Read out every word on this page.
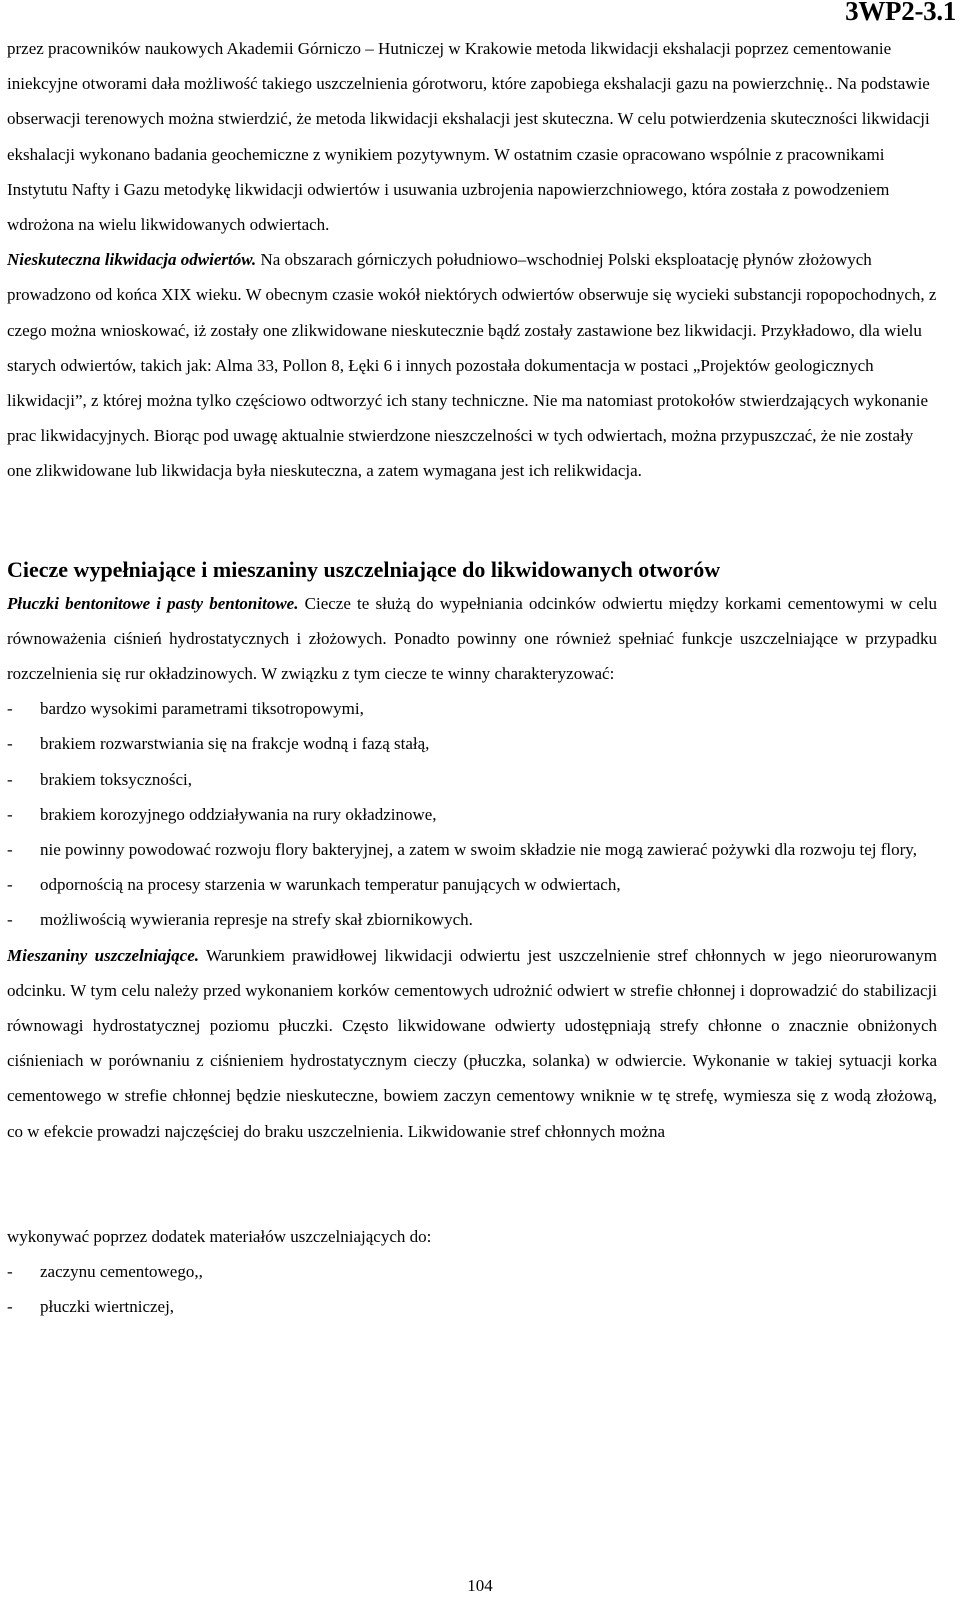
3WP2-3.1

przez pracowników naukowych Akademii Górniczo – Hutniczej w Krakowie metoda likwidacji ekshalacji poprzez cementowanie iniekcyjne otworami dała możliwość takiego uszczelnienia górotworu, które zapobiega ekshalacji gazu na powierzchnię.. Na podstawie obserwacji terenowych można stwierdzić, że metoda likwidacji ekshalacji jest skuteczna. W celu potwierdzenia skuteczności likwidacji ekshalacji wykonano badania geochemiczne z wynikiem pozytywnym. W ostatnim czasie opracowano wspólnie z pracownikami Instytutu Nafty i Gazu metodykę likwidacji odwiertów i usuwania uzbrojenia napowierzchniowego, która została z powodzeniem wdrożona na wielu likwidowanych odwiertach.

Nieskuteczna likwidacja odwiertów. Na obszarach górniczych południowo–wschodniej Polski eksploatację płynów złożowych prowadzono od końca XIX wieku. W obecnym czasie wokół niektórych odwiertów obserwuje się wycieki substancji ropopochodnych, z czego można wnioskować, iż zostały one zlikwidowane nieskutecznie bądź zostały zastawione bez likwidacji. Przykładowo, dla wielu starych odwiertów, takich jak: Alma 33, Pollon 8, Łęki 6 i innych pozostała dokumentacja w postaci „Projektów geologicznych likwidacji”, z której można tylko częściowo odtworzyć ich stany techniczne. Nie ma natomiast protokołów stwierdzających wykonanie prac likwidacyjnych. Biorąc pod uwagę aktualnie stwierdzone nieszczelności w tych odwiertach, można przypuszczać, że nie zostały one zlikwidowane lub likwidacja była nieskuteczna, a zatem wymagana jest ich relikwidacja.

Ciecze wypełniające i mieszaniny uszczelniające do likwidowanych otworów

Płuczki bentonitowe i pasty bentonitowe. Ciecze te służą do wypełniania odcinków odwiertu między korkami cementowymi w celu równoważenia ciśnień hydrostatycznych i złożowych. Ponadto powinny one również spełniać funkcje uszczelniające w przypadku rozczelnienia się rur okładzinowych. W związku z tym ciecze te winny charakteryzować:

- bardzo wysokimi parametrami tiksotropowymi,
- brakiem rozwarstwiania się na frakcje wodną i fazą stałą,
- brakiem toksyczności,
- brakiem korozyjnego oddziaływania na rury okładzinowe,
- nie powinny powodować rozwoju flory bakteryjnej, a zatem w swoim składzie nie mogą zawierać pożywki dla rozwoju tej flory,
- odpornością na procesy starzenia w warunkach temperatur panujących w odwiertach,
- możliwością wywierania represje na strefy skał zbiornikowych.

Mieszaniny uszczelniające. Warunkiem prawidłowej likwidacji odwiertu jest uszczelnienie stref chłonnych w jego nieorurowanym odcinku. W tym celu należy przed wykonaniem korków cementowych udrożnić odwiert w strefie chłonnej i doprowadzić do stabilizacji równowagi hydrostatycznej poziomu płuczki. Często likwidowane odwierty udostępniają strefy chłonne o znacznie obniżonych ciśnieniach w porównaniu z ciśnieniem hydrostatycznym cieczy (płuczka, solanka) w odwiercie. Wykonanie w takiej sytuacji korka cementowego w strefie chłonnej będzie nieskuteczne, bowiem zaczyn cementowy wniknie w tę strefę, wymiesza się z wodą złożową, co w efekcie prowadzi najczęściej do braku uszczelnienia. Likwidowanie stref chłonnych można

wykonywać poprzez dodatek materiałów uszczelniających do:

- zaczynu cementowego,,
- płuczki wiertniczej,
104
